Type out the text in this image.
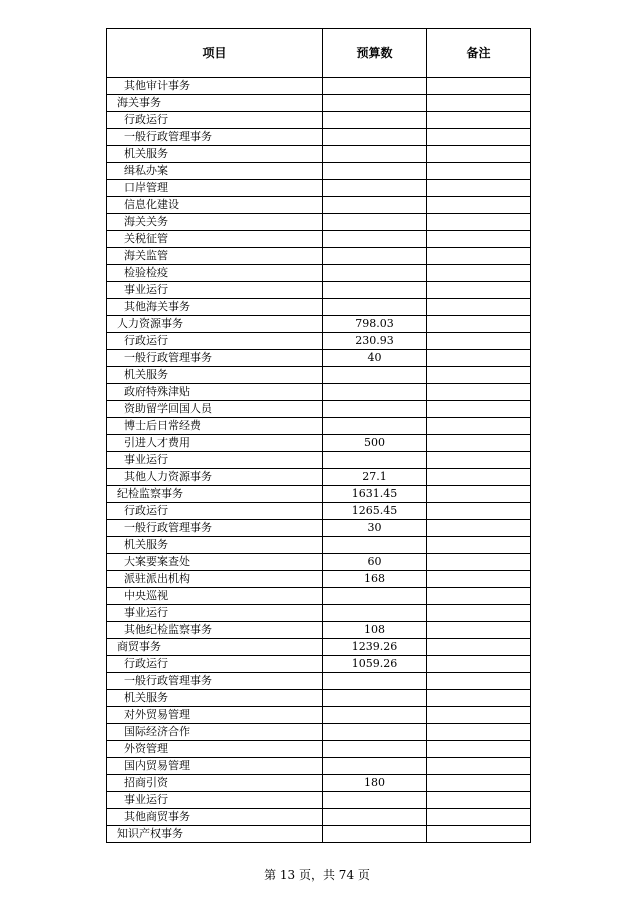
项目	预算数	备注
其他审计事务		
海关事务		
行政运行		
一般行政管理事务		
机关服务		
缉私办案		
口岸管理		
信息化建设		
海关关务		
关税征管		
海关监管		
检验检疫		
事业运行		
其他海关事务		
人力资源事务	798.03	
行政运行	230.93	
一般行政管理事务	40	
机关服务		
政府特殊津贴		
资助留学回国人员		
博士后日常经费		
引进人才费用	500	
事业运行		
其他人力资源事务	27.1	
纪检监察事务	1631.45	
行政运行	1265.45	
一般行政管理事务	30	
机关服务		
大案要案查处	60	
派驻派出机构	168	
中央巡视		
事业运行		
其他纪检监察事务	108	
商贸事务	1239.26	
行政运行	1059.26	
一般行政管理事务		
机关服务		
对外贸易管理		
国际经济合作		
外资管理		
国内贸易管理		
招商引资	180	
事业运行		
其他商贸事务		
知识产权事务		
第 13 页，共 74 页
